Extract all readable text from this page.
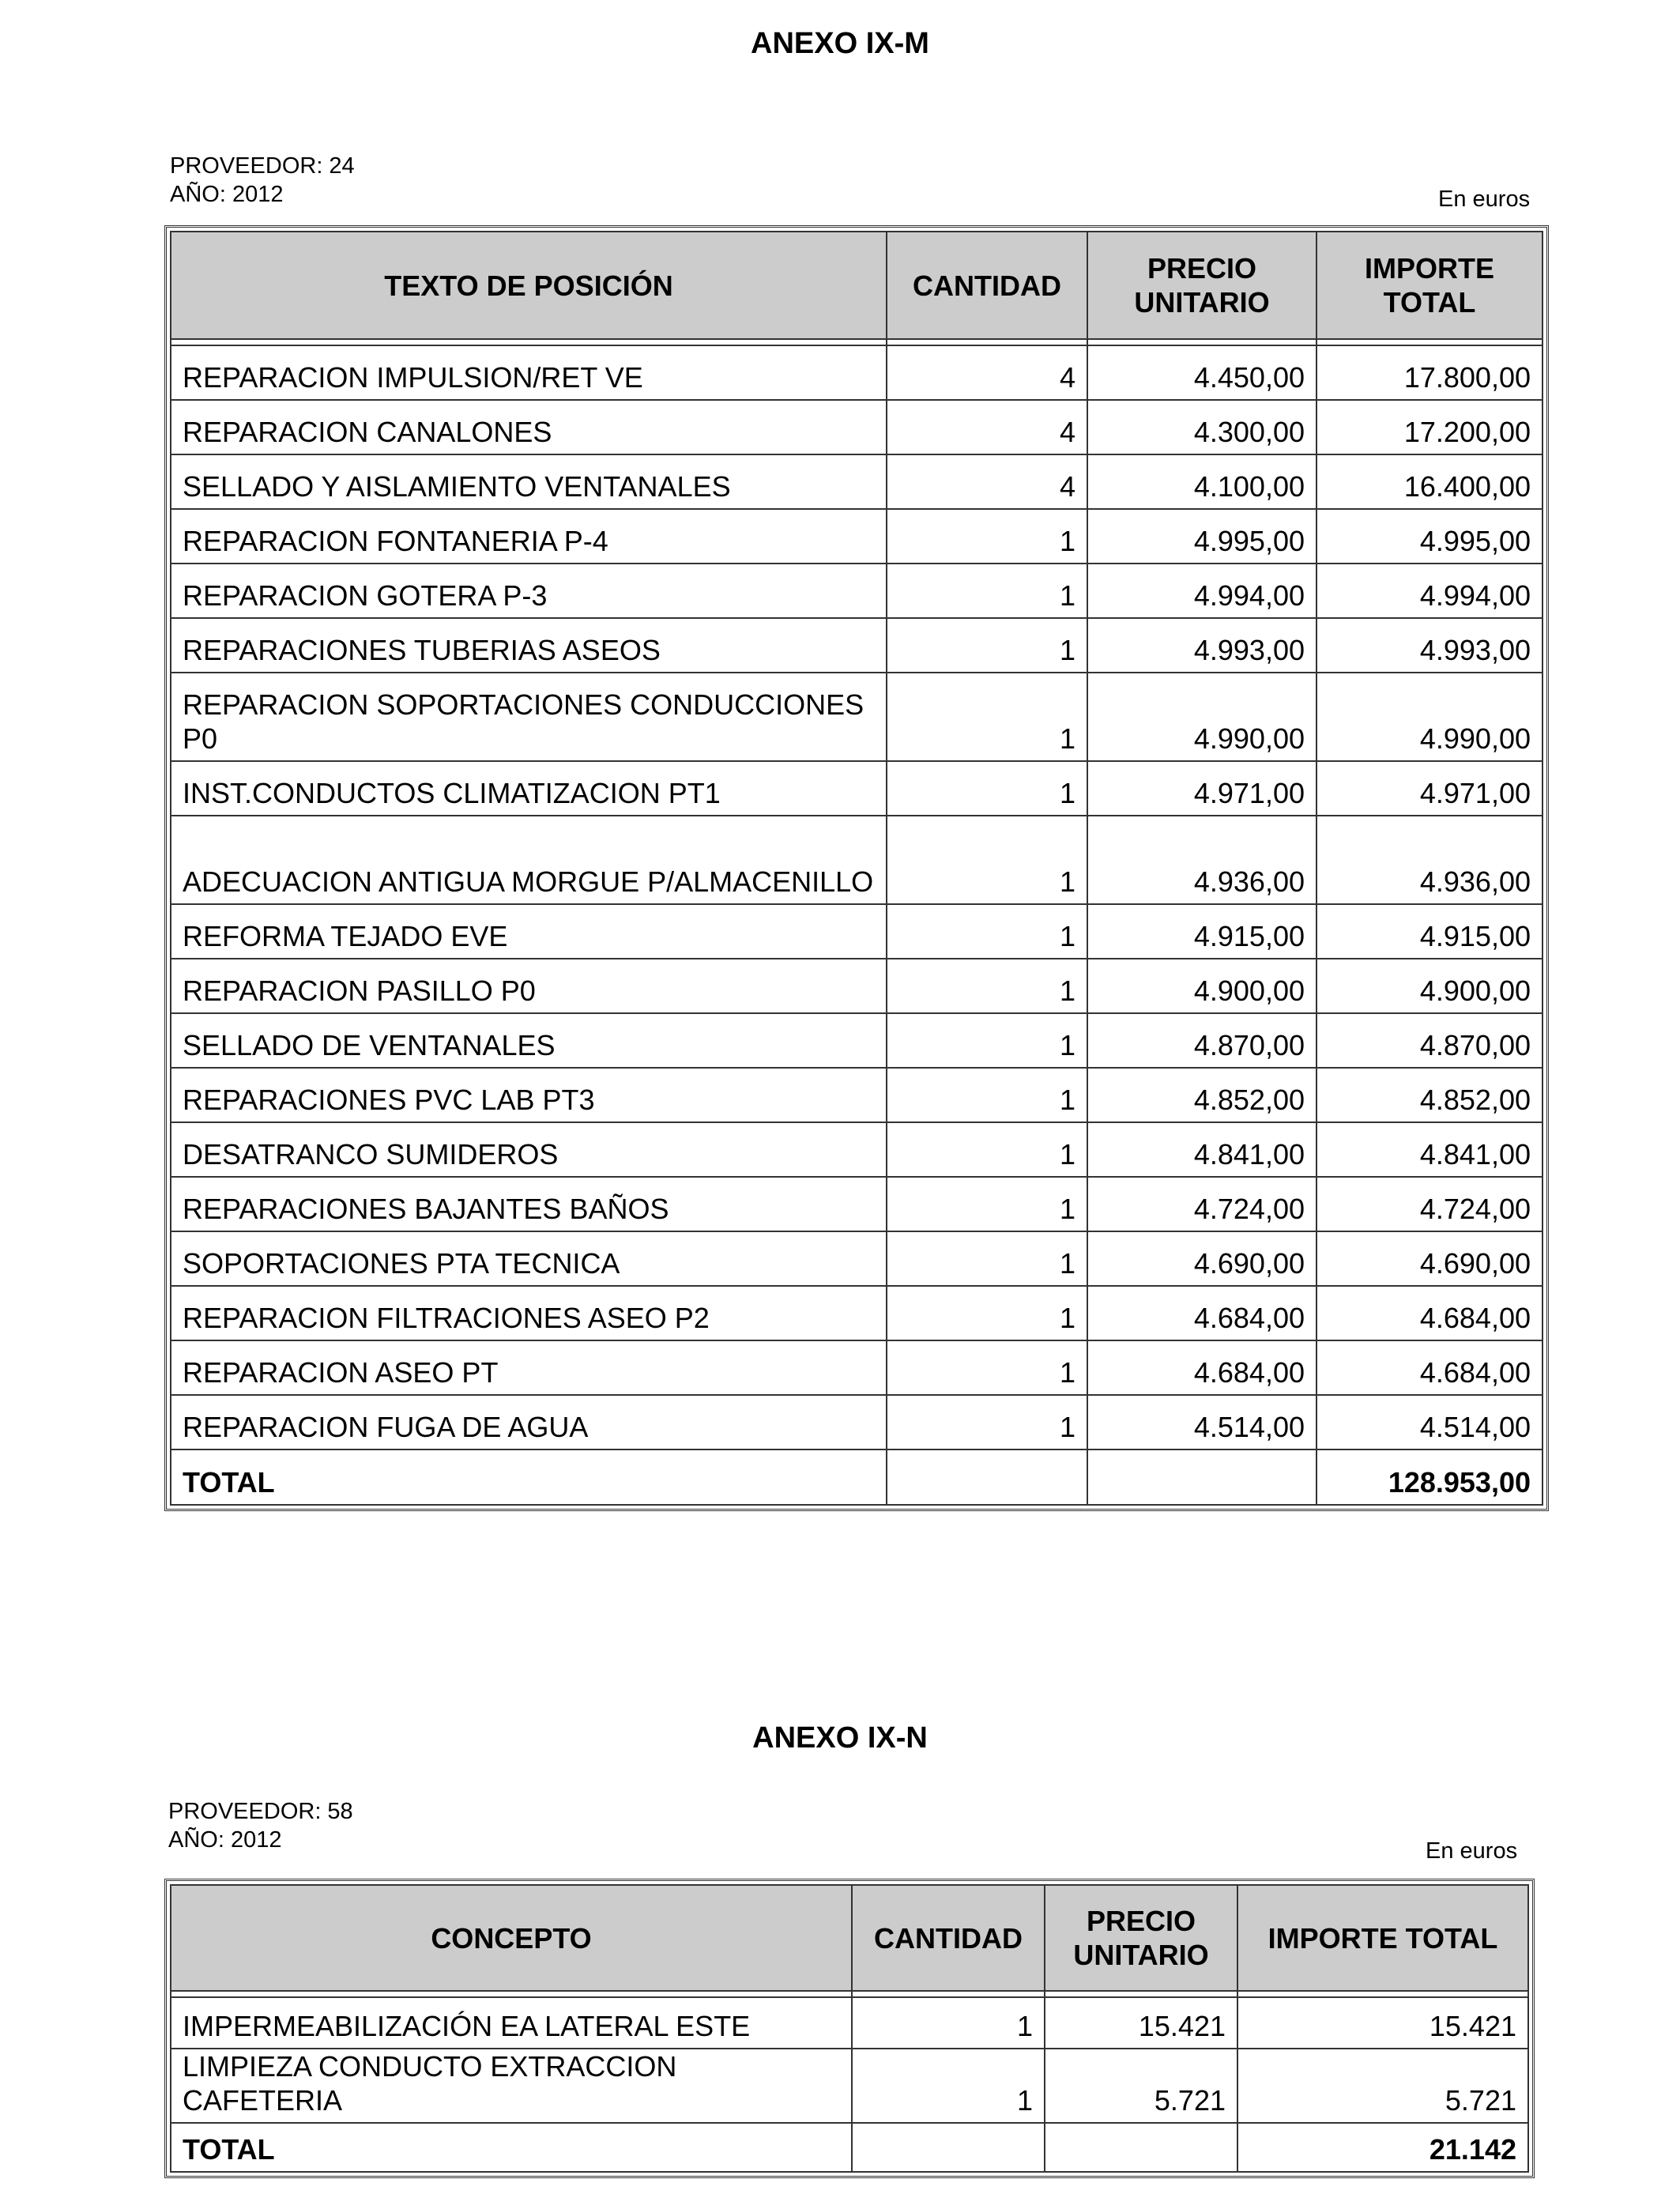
ANEXO IX-M
PROVEEDOR: 24
AÑO: 2012	En euros
TEXTO DE POSICIÓN	CANTIDAD	PRECIO UNITARIO	IMPORTE TOTAL

REPARACION IMPULSION/RET VE	4	4.450,00	17.800,00
REPARACION CANALONES	4	4.300,00	17.200,00
SELLADO Y AISLAMIENTO VENTANALES	4	4.100,00	16.400,00
REPARACION FONTANERIA P-4	1	4.995,00	4.995,00
REPARACION GOTERA P-3	1	4.994,00	4.994,00
REPARACIONES TUBERIAS ASEOS	1	4.993,00	4.993,00
REPARACION SOPORTACIONES CONDUCCIONES P0	1	4.990,00	4.990,00
INST.CONDUCTOS CLIMATIZACION PT1	1	4.971,00	4.971,00
ADECUACION ANTIGUA MORGUE P/ALMACENILLO	1	4.936,00	4.936,00
REFORMA TEJADO EVE	1	4.915,00	4.915,00
REPARACION PASILLO P0	1	4.900,00	4.900,00
SELLADO DE VENTANALES	1	4.870,00	4.870,00
REPARACIONES PVC LAB PT3	1	4.852,00	4.852,00
DESATRANCO SUMIDEROS	1	4.841,00	4.841,00
REPARACIONES BAJANTES BAÑOS	1	4.724,00	4.724,00
SOPORTACIONES PTA TECNICA	1	4.690,00	4.690,00
REPARACION FILTRACIONES ASEO P2	1	4.684,00	4.684,00
REPARACION ASEO PT	1	4.684,00	4.684,00
REPARACION FUGA DE AGUA	1	4.514,00	4.514,00
TOTAL			128.953,00
ANEXO IX-N
PROVEEDOR: 58
AÑO: 2012	En euros
CONCEPTO	CANTIDAD	PRECIO UNITARIO	IMPORTE TOTAL

IMPERMEABILIZACIÓN EA LATERAL ESTE	1	15.421	15.421
LIMPIEZA CONDUCTO EXTRACCION CAFETERIA	1	5.721	5.721
TOTAL			21.142
